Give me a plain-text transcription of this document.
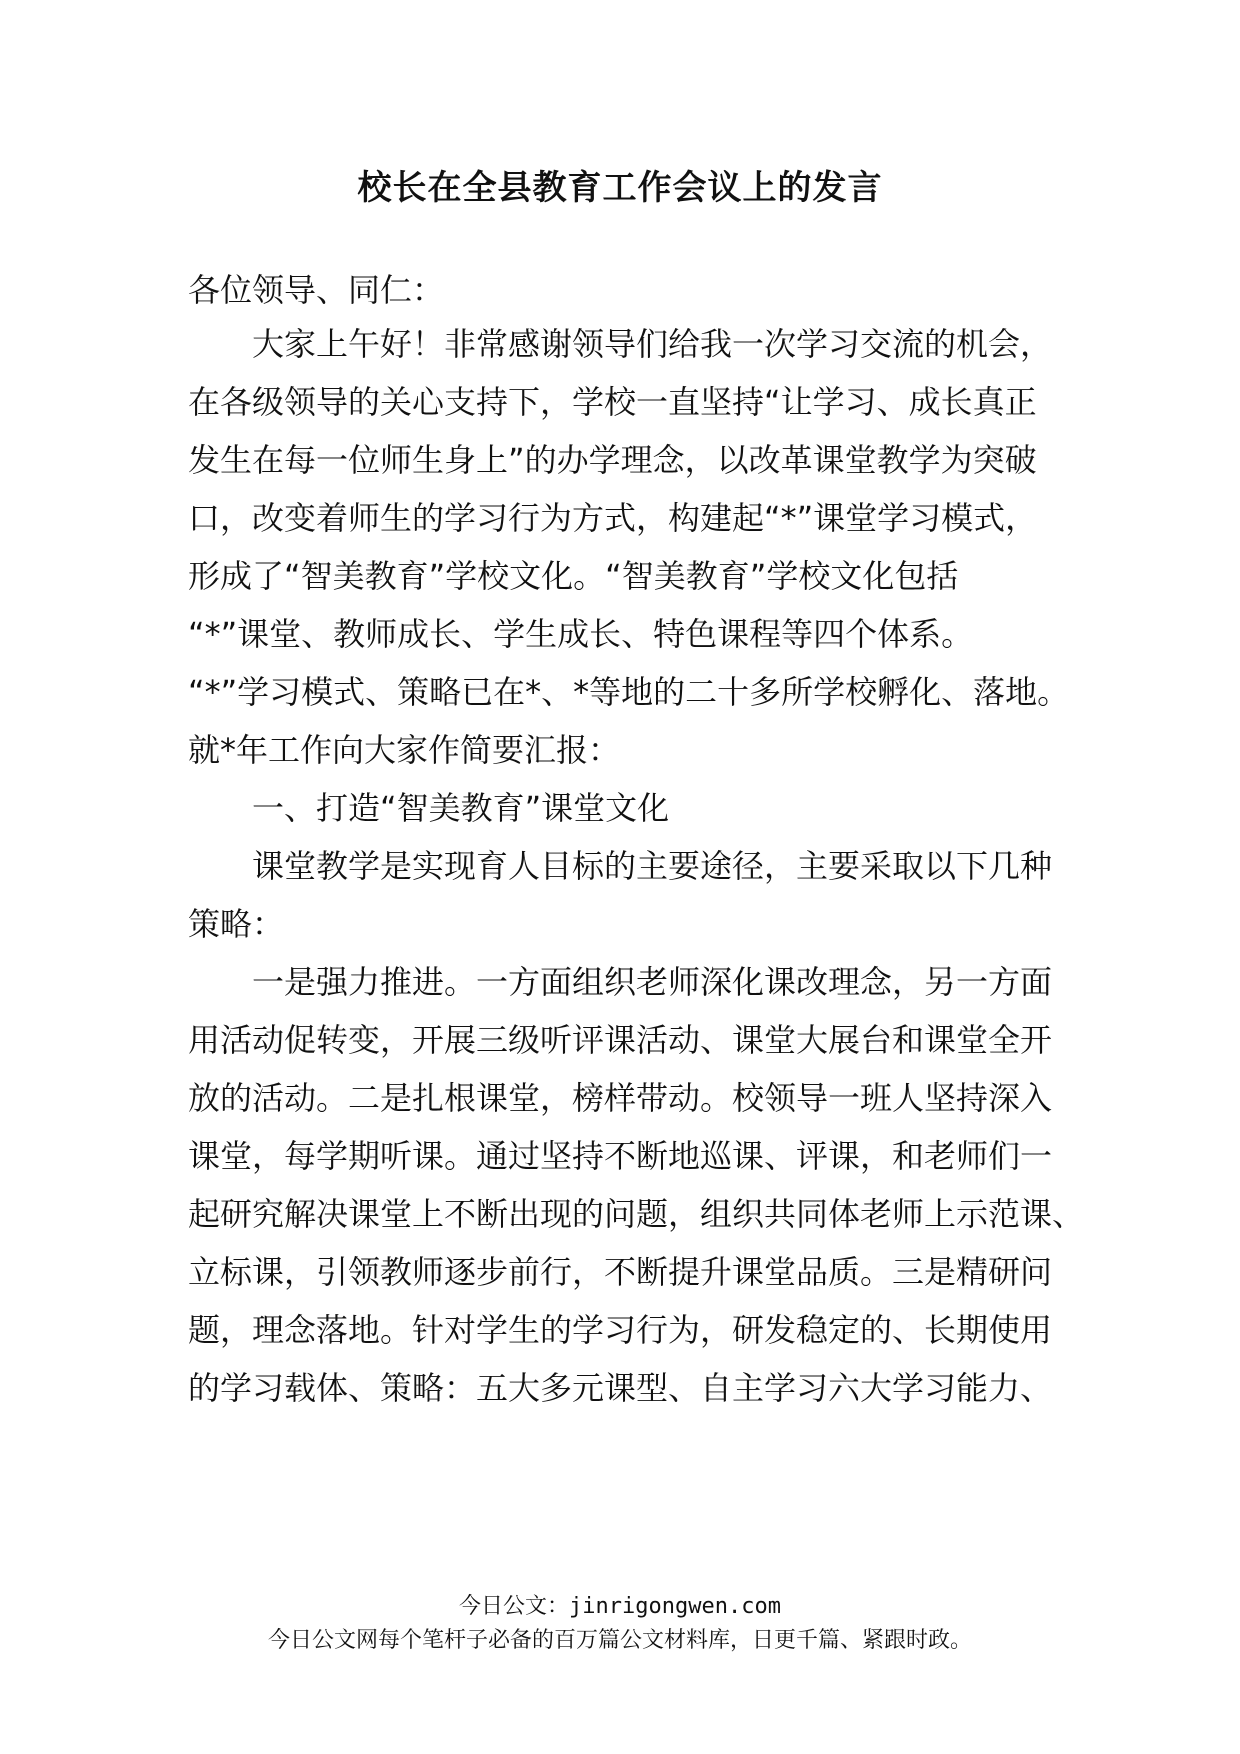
校长在全县教育工作会议上的发言

各位领导、同仁：

　　大家上午好！非常感谢领导们给我一次学习交流的机会，

在各级领导的关心支持下，学校一直坚持“让学习、成长真正

发生在每一位师生身上”的办学理念，以改革课堂教学为突破

口，改变着师生的学习行为方式，构建起“*”课堂学习模式，

形成了“智美教育”学校文化。“智美教育”学校文化包括

“*”课堂、教师成长、学生成长、特色课程等四个体系。

“*”学习模式、策略已在*、*等地的二十多所学校孵化、落地。

就*年工作向大家作简要汇报：

　　一、打造“智美教育”课堂文化

　　课堂教学是实现育人目标的主要途径，主要采取以下几种

策略：

　　一是强力推进。一方面组织老师深化课改理念，另一方面

用活动促转变，开展三级听评课活动、课堂大展台和课堂全开

放的活动。二是扎根课堂，榜样带动。校领导一班人坚持深入

课堂，每学期听课。通过坚持不断地巡课、评课，和老师们一

起研究解决课堂上不断出现的问题，组织共同体老师上示范课、

立标课，引领教师逐步前行，不断提升课堂品质。三是精研问

题，理念落地。针对学生的学习行为，研发稳定的、长期使用

的学习载体、策略：五大多元课型、自主学习六大学习能力、

今日公文：jinrigongwen.com

今日公文网每个笔杆子必备的百万篇公文材料库，日更千篇、紧跟时政。
